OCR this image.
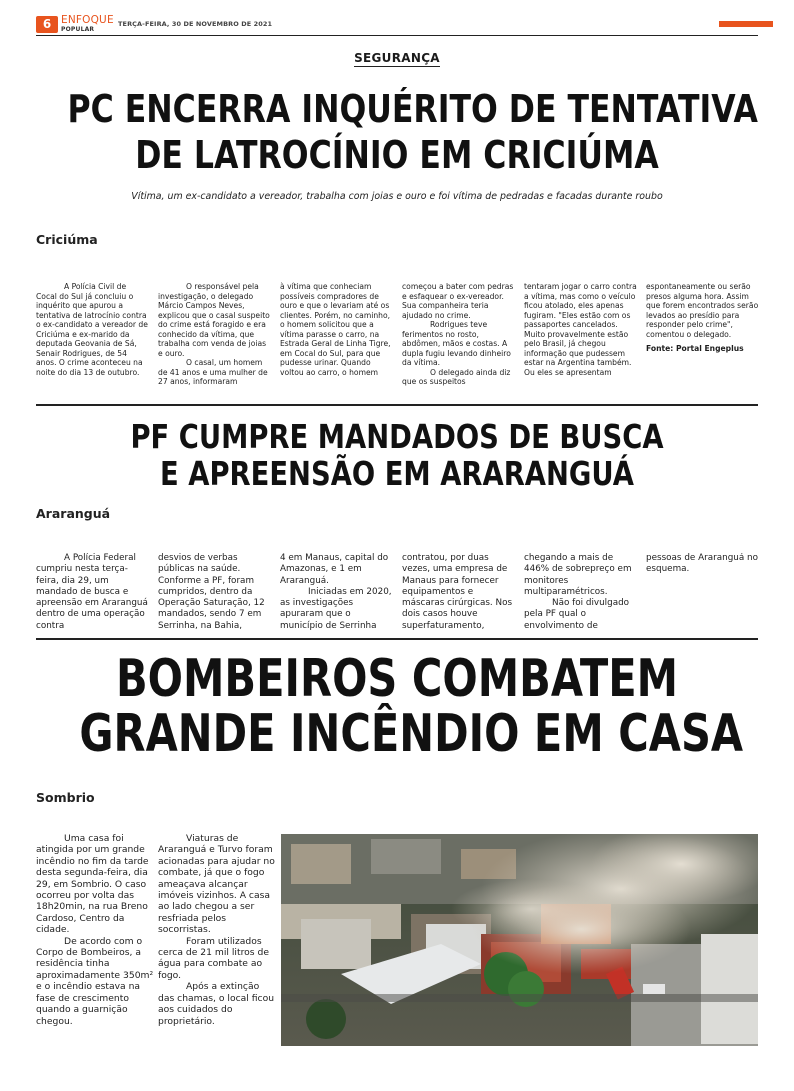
6 ENFOQUE
POPULAR
TERÇA-FEIRA, 30 DE NOVEMBRO DE 2021
SEGURANÇA
PC ENCERRA INQUÉRITO DE TENTATIVA
DE LATROCÍNIO EM CRICIÚMA
Vítima, um ex-candidato a vereador, trabalha com joias e ouro e foi vítima de pedradas e facadas durante roubo
Criciúma

A Polícia Civil de Cocal do Sul já concluiu o inquérito que apurou a tentativa de latrocínio contra o ex-candidato a vereador de Criciúma e ex-marido da deputada Geovania de Sá, Senair Rodrigues, de 54 anos. O crime aconteceu na noite do dia 13 de outubro.

O responsável pela investigação, o delegado Márcio Campos Neves, explicou que o casal suspeito do crime está foragido e era conhecido da vítima, que trabalha com venda de joias e ouro.

O casal, um homem de 41 anos e uma mulher de 27 anos, informaram

à vítima que conheciam possíveis compradores de ouro e que o levariam até os clientes. Porém, no caminho, o homem solicitou que a vítima parasse o carro, na Estrada Geral de Linha Tigre, em Cocal do Sul, para que pudesse urinar. Quando voltou ao carro, o homem

começou a bater com pedras e esfaquear o ex-vereador. Sua companheira teria ajudado no crime.

Rodrigues teve ferimentos no rosto, abdômen, mãos e costas. A dupla fugiu levando dinheiro da vítima.

O delegado ainda diz que os suspeitos

tentaram jogar o carro contra a vítima, mas como o veículo ficou atolado, eles apenas fugiram. "Eles estão com os passaportes cancelados. Muito provavelmente estão pelo Brasil, já chegou informação que pudessem estar na Argentina também. Ou eles se apresentam

espontaneamente ou serão presos alguma hora. Assim que forem encontrados serão levados ao presídio para responder pelo crime", comentou o delegado.

Fonte: Portal Engeplus

PF CUMPRE MANDADOS DE BUSCA
E APREENSÃO EM ARARANGUÁ
Araranguá

A Polícia Federal cumpriu nesta terça-feira, dia 29, um mandado de busca e apreensão em Araranguá dentro de uma operação contra

desvios de verbas públicas na saúde. Conforme a PF, foram cumpridos, dentro da Operação Saturação, 12 mandados, sendo 7 em Serrinha, na Bahia,

4 em Manaus, capital do Amazonas, e 1 em Araranguá.

Iniciadas em 2020, as investigações apuraram que o município de Serrinha

contratou, por duas vezes, uma empresa de Manaus para fornecer equipamentos e máscaras cirúrgicas. Nos dois casos houve superfaturamento,

chegando a mais de 446% de sobrepreço em monitores multiparamétricos.

Não foi divulgado pela PF qual o envolvimento de

pessoas de Araranguá no esquema.

BOMBEIROS COMBATEM
GRANDE INCÊNDIO EM CASA
Sombrio

Uma casa foi atingida por um grande incêndio no fim da tarde desta segunda-feira, dia 29, em Sombrio. O caso ocorreu por volta das 18h20min, na rua Breno Cardoso, Centro da cidade.

De acordo com o Corpo de Bombeiros, a residência tinha aproximadamente 350m² e o incêndio estava na fase de crescimento quando a guarnição chegou.

Viaturas de Araranguá e Turvo foram acionadas para ajudar no combate, já que o fogo ameaçava alcançar imóveis vizinhos. A casa ao lado chegou a ser resfriada pelos socorristas.

Foram utilizados cerca de 21 mil litros de água para combate ao fogo.

Após a extinção das chamas, o local ficou aos cuidados do proprietário.
